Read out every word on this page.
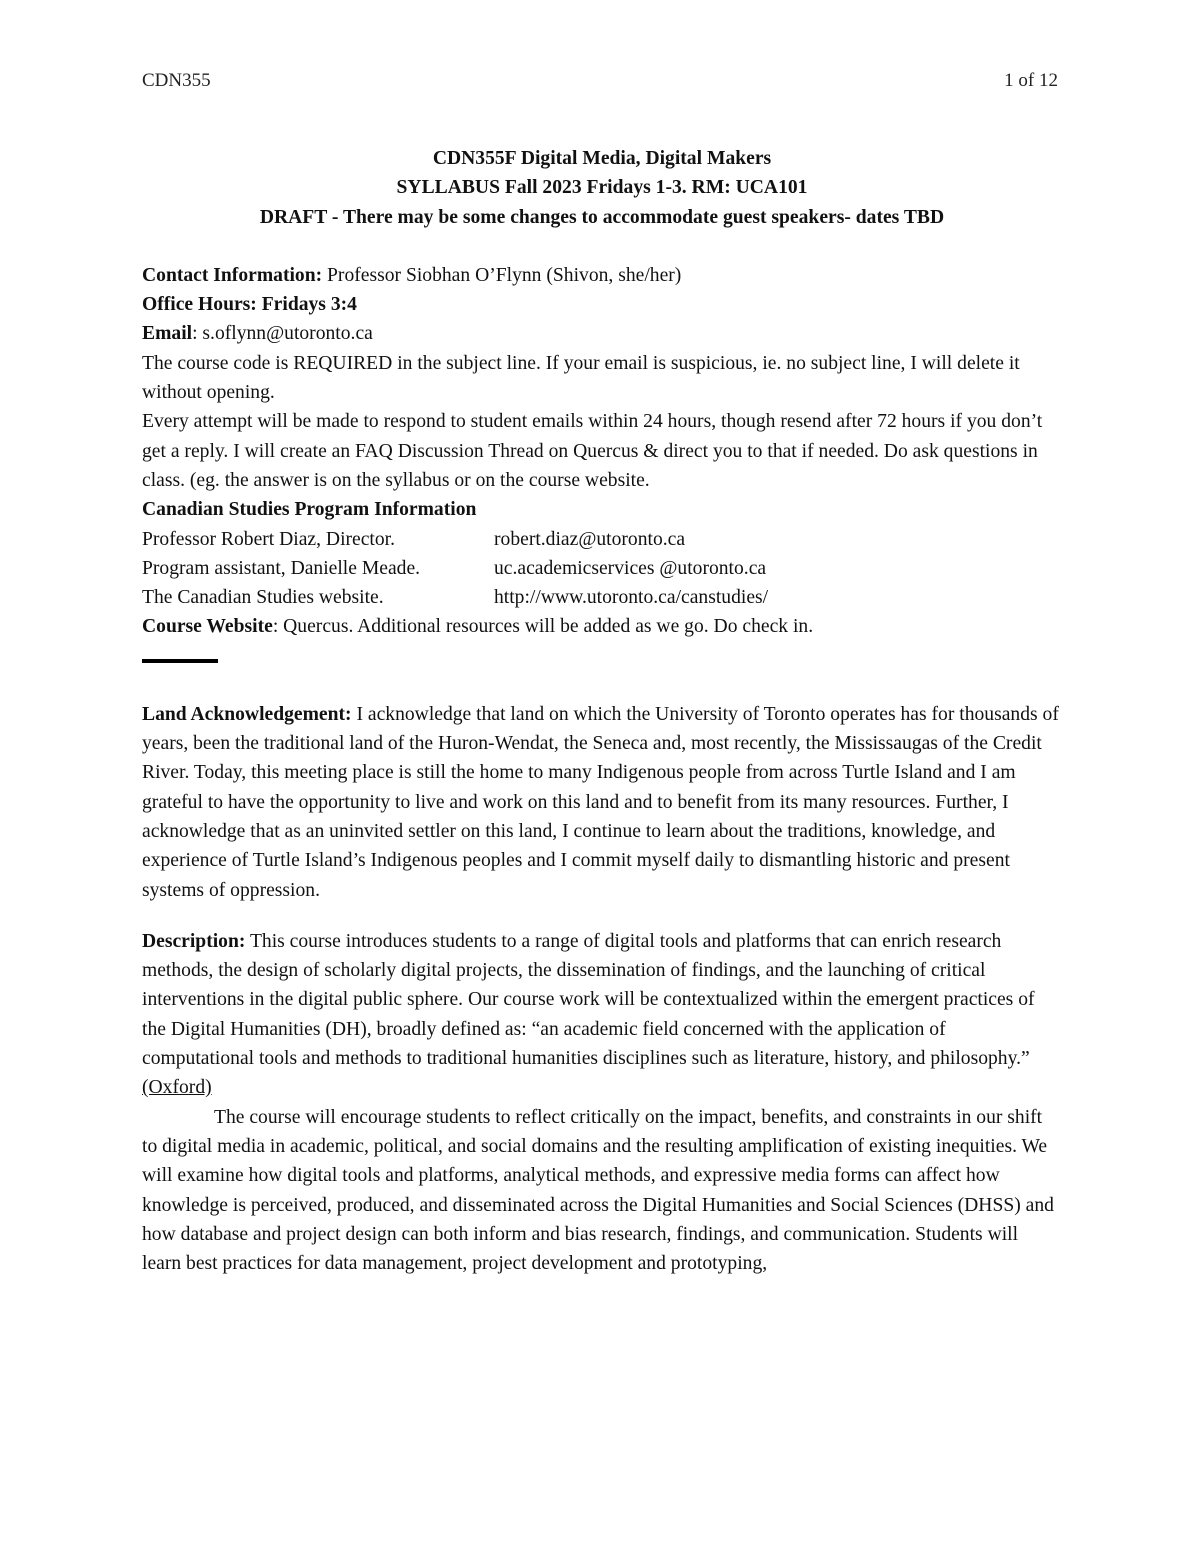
CDN355	1 of 12
CDN355F Digital Media, Digital Makers
SYLLABUS Fall 2023 Fridays 1-3. RM: UCA101
DRAFT - There may be some changes to accommodate guest speakers- dates TBD

Contact Information: Professor Siobhan O’Flynn (Shivon, she/her)

Office Hours: Fridays 3:4

Email: s.oflynn@utoronto.ca

The course code is REQUIRED in the subject line. If your email is suspicious, ie. no subject line, I will delete it without opening.

Every attempt will be made to respond to student emails within 24 hours, though resend after 72 hours if you don’t get a reply. I will create an FAQ Discussion Thread on Quercus & direct you to that if needed. Do ask questions in class. (eg. the answer is on the syllabus or on the course website.

Canadian Studies Program Information

Professor Robert Diaz, Director.	robert.diaz@utoronto.ca
Program assistant, Danielle Meade.	uc.academicservices @utoronto.ca
The Canadian Studies website.	http://www.utoronto.ca/canstudies/

Course Website: Quercus. Additional resources will be added as we go. Do check in.

Land Acknowledgement: I acknowledge that land on which the University of Toronto operates has for thousands of years, been the traditional land of the Huron-Wendat, the Seneca and, most recently, the Mississaugas of the Credit River. Today, this meeting place is still the home to many Indigenous people from across Turtle Island and I am grateful to have the opportunity to live and work on this land and to benefit from its many resources. Further, I acknowledge that as an uninvited settler on this land, I continue to learn about the traditions, knowledge, and experience of Turtle Island’s Indigenous peoples and I commit myself daily to dismantling historic and present systems of oppression.

Description: This course introduces students to a range of digital tools and platforms that can enrich research methods, the design of scholarly digital projects, the dissemination of findings, and the launching of critical interventions in the digital public sphere. Our course work will be contextualized within the emergent practices of the Digital Humanities (DH), broadly defined as: “an academic field concerned with the application of computational tools and methods to traditional humanities disciplines such as literature, history, and philosophy.” (Oxford)

The course will encourage students to reflect critically on the impact, benefits, and constraints in our shift to digital media in academic, political, and social domains and the resulting amplification of existing inequities. We will examine how digital tools and platforms, analytical methods, and expressive media forms can affect how knowledge is perceived, produced, and disseminated across the Digital Humanities and Social Sciences (DHSS) and how database and project design can both inform and bias research, findings, and communication. Students will learn best practices for data management, project development and prototyping,
